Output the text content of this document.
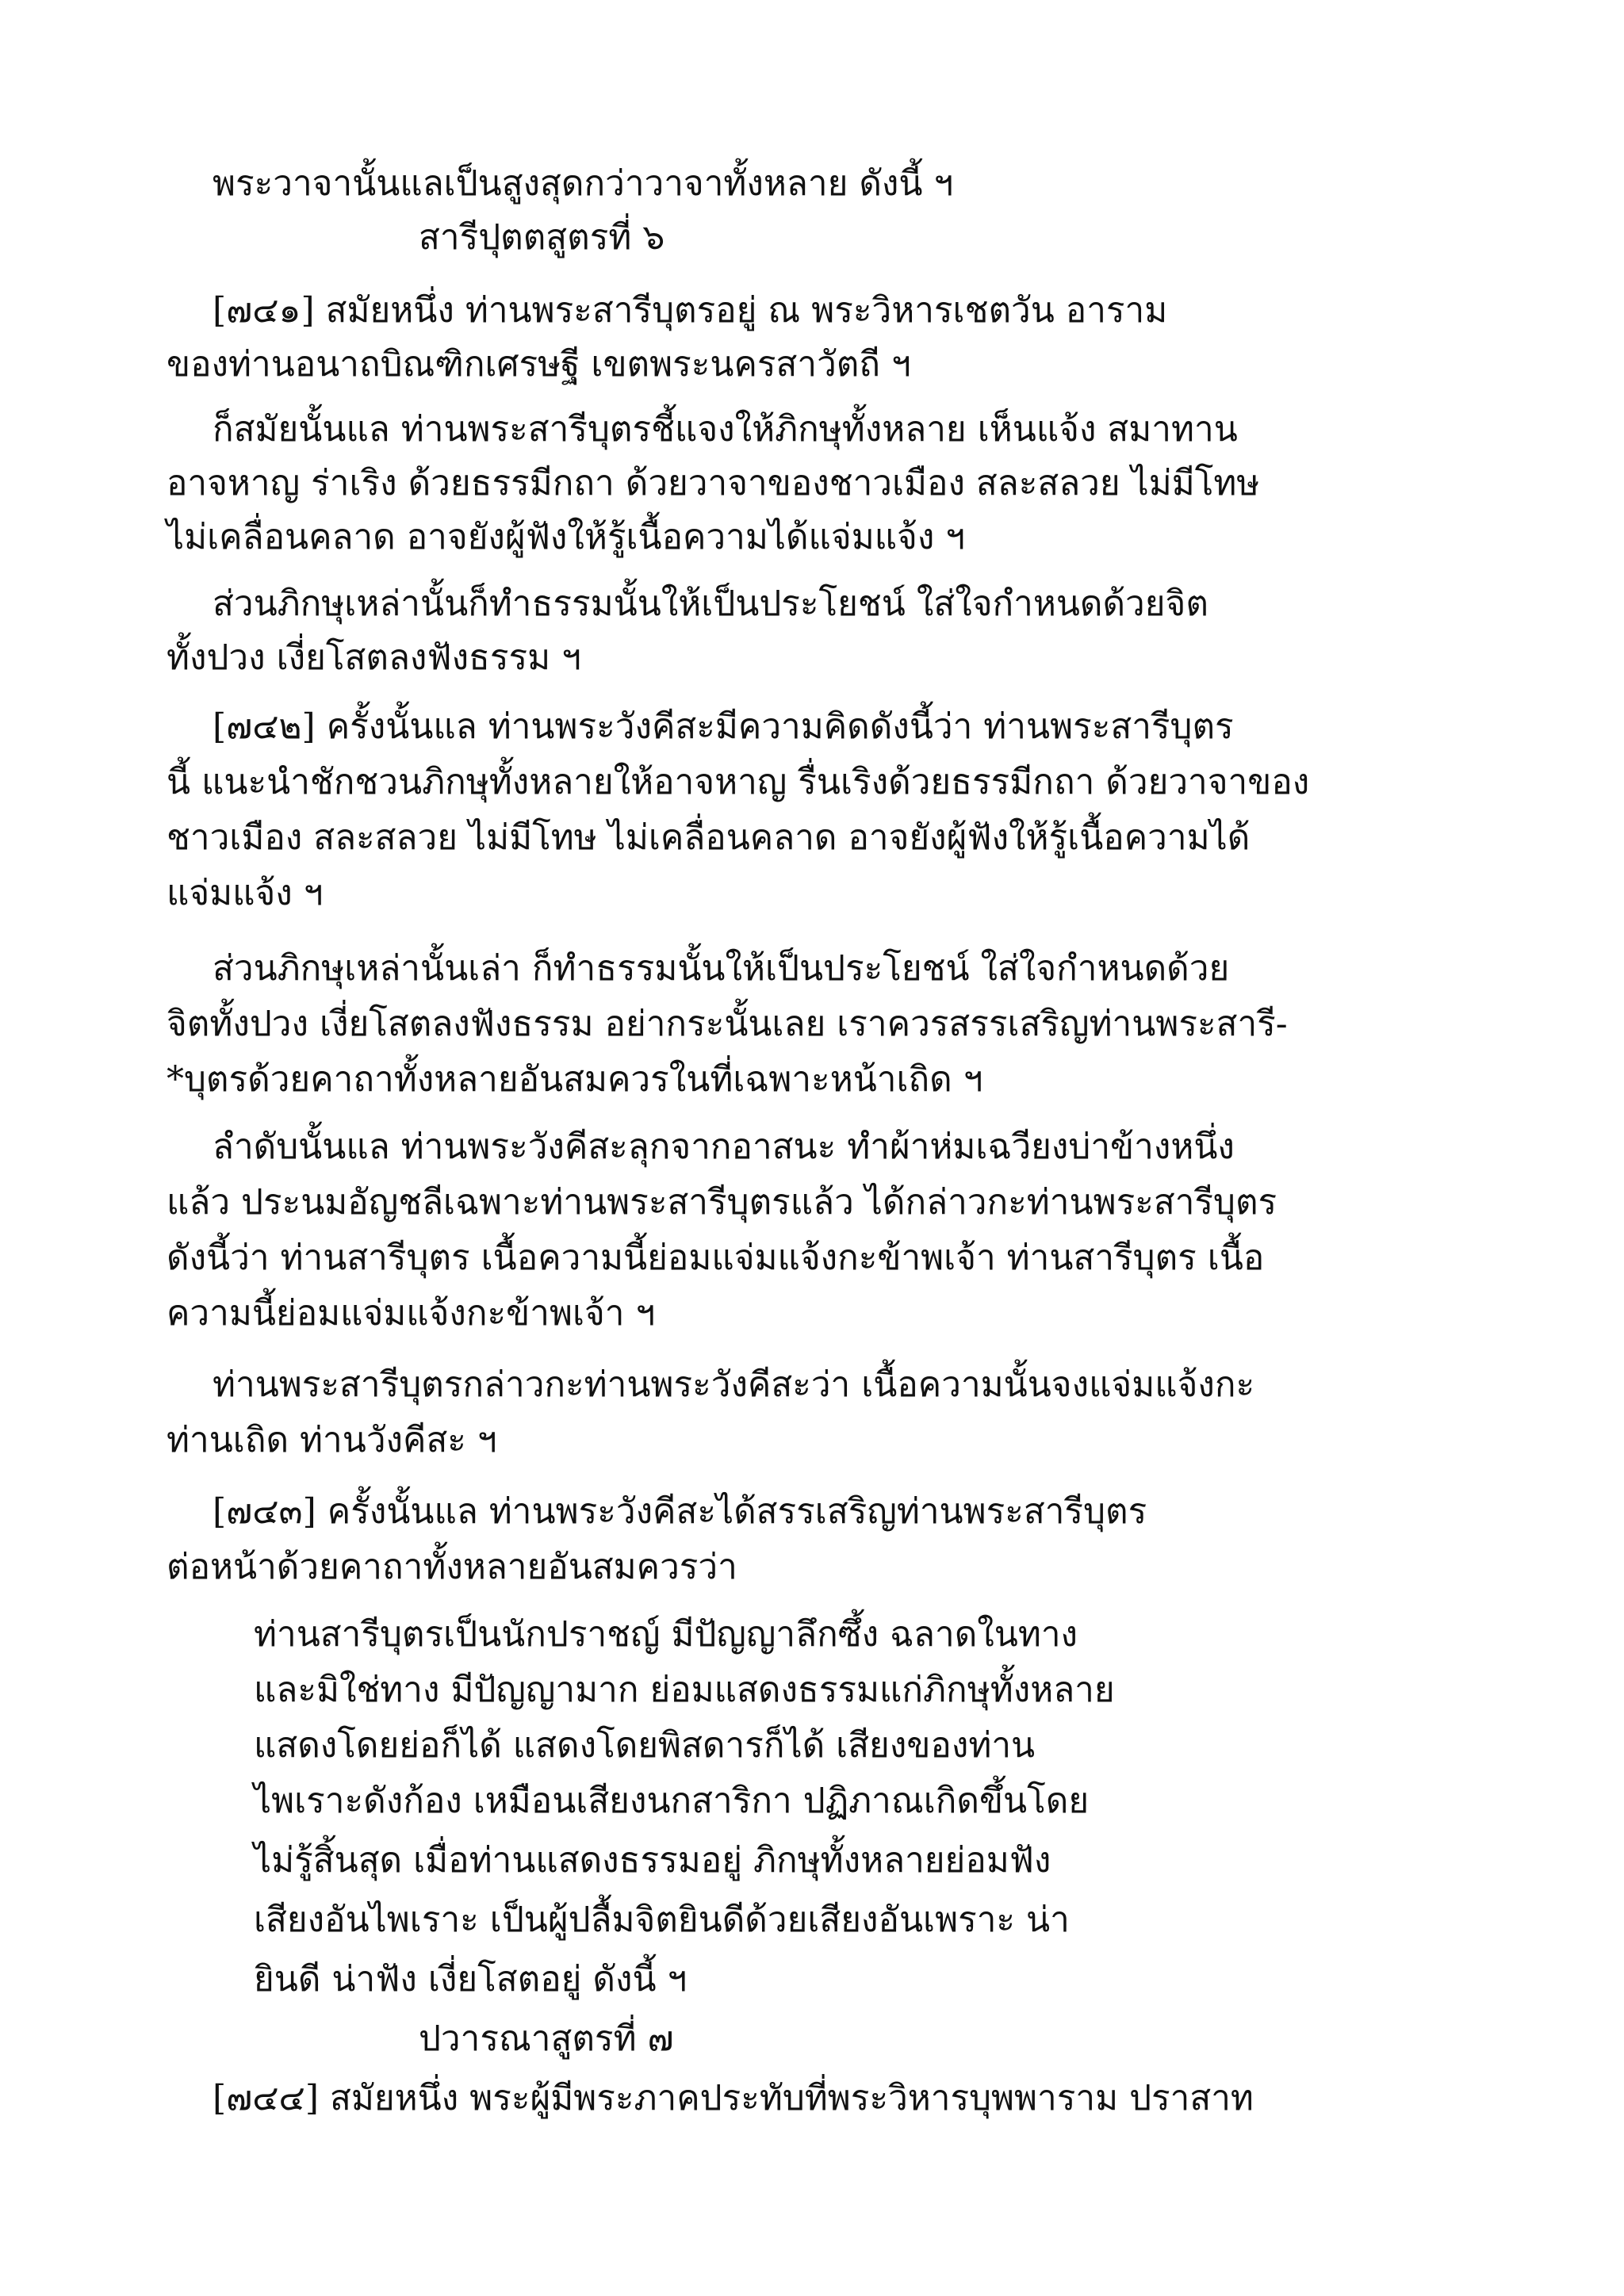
พระวาจานั้นแลเป็นสูงสุดกว่าวาจาทั้งหลาย ดังนี้ ฯ

สารีปุตตสูตรที่ ๖

[๗๔๑] สมัยหนึ่ง ท่านพระสารีบุตรอยู่ ณ พระวิหารเชตวัน อาราม

ของท่านอนาถบิณฑิกเศรษฐี เขตพระนครสาวัตถี ฯ

ก็สมัยนั้นแล ท่านพระสารีบุตรชี้แจงให้ภิกษุทั้งหลาย เห็นแจ้ง สมาทาน

อาจหาญ ร่าเริง ด้วยธรรมีกถา ด้วยวาจาของชาวเมือง สละสลวย ไม่มีโทษ

ไม่เคลื่อนคลาด อาจยังผู้ฟังให้รู้เนื้อความได้แจ่มแจ้ง ฯ

ส่วนภิกษุเหล่านั้นก็ทำธรรมนั้นให้เป็นประโยชน์ ใส่ใจกำหนดด้วยจิต

ทั้งปวง เงี่ยโสตลงฟังธรรม ฯ

[๗๔๒] ครั้งนั้นแล ท่านพระวังคีสะมีความคิดดังนี้ว่า ท่านพระสารีบุตร

นี้ แนะนำชักชวนภิกษุทั้งหลายให้อาจหาญ รื่นเริงด้วยธรรมีกถา ด้วยวาจาของ

ชาวเมือง สละสลวย ไม่มีโทษ ไม่เคลื่อนคลาด อาจยังผู้ฟังให้รู้เนื้อความได้

แจ่มแจ้ง ฯ

ส่วนภิกษุเหล่านั้นเล่า ก็ทำธรรมนั้นให้เป็นประโยชน์ ใส่ใจกำหนดด้วย

จิตทั้งปวง เงี่ยโสตลงฟังธรรม อย่ากระนั้นเลย เราควรสรรเสริญท่านพระสารี-

*บุตรด้วยคาถาทั้งหลายอันสมควรในที่เฉพาะหน้าเถิด ฯ

ลำดับนั้นแล ท่านพระวังคีสะลุกจากอาสนะ ทำผ้าห่มเฉวียงบ่าข้างหนึ่ง

แล้ว ประนมอัญชลีเฉพาะท่านพระสารีบุตรแล้ว ได้กล่าวกะท่านพระสารีบุตร

ดังนี้ว่า ท่านสารีบุตร เนื้อความนี้ย่อมแจ่มแจ้งกะข้าพเจ้า ท่านสารีบุตร เนื้อ

ความนี้ย่อมแจ่มแจ้งกะข้าพเจ้า ฯ

ท่านพระสารีบุตรกล่าวกะท่านพระวังคีสะว่า เนื้อความนั้นจงแจ่มแจ้งกะ

ท่านเถิด ท่านวังคีสะ ฯ

[๗๔๓] ครั้งนั้นแล ท่านพระวังคีสะได้สรรเสริญท่านพระสารีบุตร

ต่อหน้าด้วยคาถาทั้งหลายอันสมควรว่า

ท่านสารีบุตรเป็นนักปราชญ์ มีปัญญาลึกซึ้ง ฉลาดในทาง

และมิใช่ทาง มีปัญญามาก ย่อมแสดงธรรมแก่ภิกษุทั้งหลาย

แสดงโดยย่อก็ได้ แสดงโดยพิสดารก็ได้ เสียงของท่าน

ไพเราะดังก้อง เหมือนเสียงนกสาริกา ปฏิภาณเกิดขึ้นโดย

ไม่รู้สิ้นสุด เมื่อท่านแสดงธรรมอยู่ ภิกษุทั้งหลายย่อมฟัง

เสียงอันไพเราะ เป็นผู้ปลื้มจิตยินดีด้วยเสียงอันเพราะ น่า

ยินดี น่าฟัง เงี่ยโสตอยู่ ดังนี้ ฯ

ปวารณาสูตรที่ ๗

[๗๔๔] สมัยหนึ่ง พระผู้มีพระภาคประทับที่พระวิหารบุพพาราม ปราสาท
